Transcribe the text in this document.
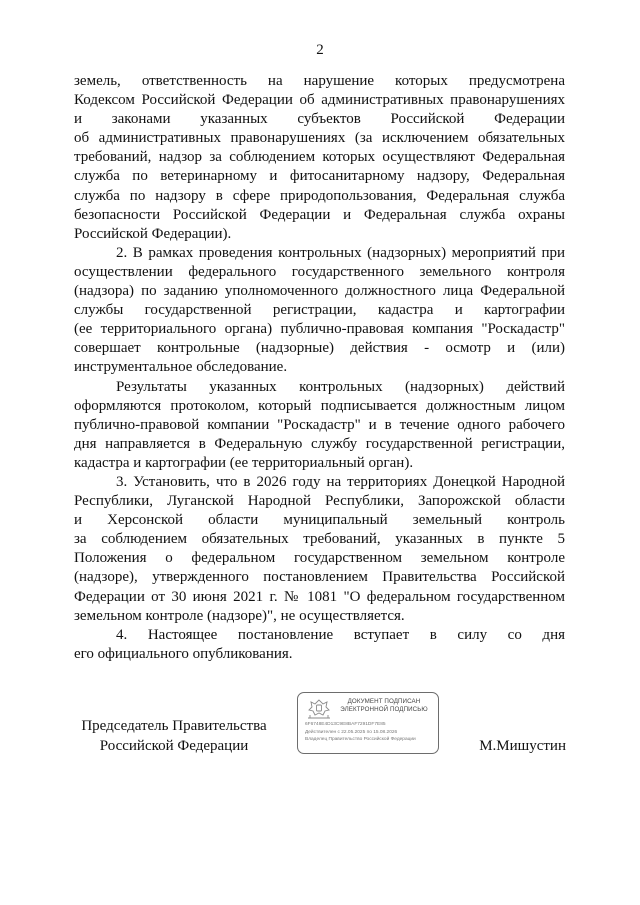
2
земель, ответственность на нарушение которых предусмотрена
Кодексом Российской Федерации об административных правонарушениях
и законами указанных субъектов Российской Федерации
об административных правонарушениях (за исключением обязательных
требований, надзор за соблюдением которых осуществляют Федеральная
служба по ветеринарному и фитосанитарному надзору, Федеральная
служба по надзору в сфере природопользования, Федеральная служба
безопасности Российской Федерации и Федеральная служба охраны
Российской Федерации).
2. В рамках проведения контрольных (надзорных) мероприятий при
осуществлении федерального государственного земельного контроля
(надзора) по заданию уполномоченного должностного лица Федеральной
службы государственной регистрации, кадастра и картографии
(ее территориального органа) публично-правовая компания "Роскадастр"
совершает контрольные (надзорные) действия - осмотр и (или)
инструментальное обследование.
Результаты указанных контрольных (надзорных) действий
оформляются протоколом, который подписывается должностным лицом
публично-правовой компании "Роскадастр" и в течение одного рабочего
дня направляется в Федеральную службу государственной регистрации,
кадастра и картографии (ее территориальный орган).
3. Установить, что в 2026 году на территориях Донецкой Народной
Республики, Луганской Народной Республики, Запорожской области
и Херсонской области муниципальный земельный контроль
за соблюдением обязательных требований, указанных в пункте 5
Положения о федеральном государственном земельном контроле
(надзоре), утвержденного постановлением Правительства Российской
Федерации от 30 июня 2021 г. № 1081 "О федеральном государственном
земельном контроле (надзоре)", не осуществляется.
4. Настоящее постановление вступает в силу со дня
его официального опубликования.
Председатель Правительства
Российской Федерации
ДОКУМЕНТ ПОДПИСАН
ЭЛЕКТРОННОЙ ПОДПИСЬЮ
6F6748E4D13C9E8BAF7291DF7E85
Действителен с 22.05.2025 по 15.08.2026
Владелец Правительство Российской Федерации	М.Мишустин
